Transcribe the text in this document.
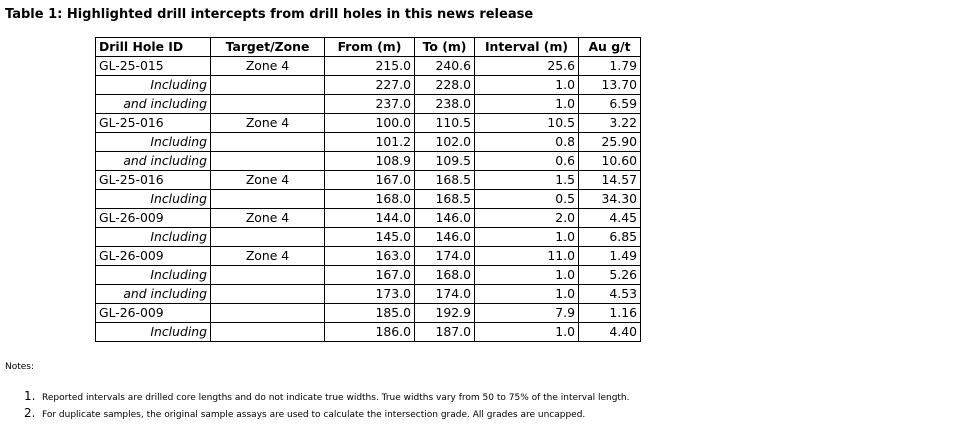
Table 1: Highlighted drill intercepts from drill holes in this news release
Drill Hole ID	Target/Zone	From (m)	To (m)	Interval (m)	Au g/t
GL-25-015	Zone 4	215.0	240.6	25.6	1.79
Including		227.0	228.0	1.0	13.70
and including		237.0	238.0	1.0	6.59
GL-25-016	Zone 4	100.0	110.5	10.5	3.22
Including		101.2	102.0	0.8	25.90
and including		108.9	109.5	0.6	10.60
GL-25-016	Zone 4	167.0	168.5	1.5	14.57
Including		168.0	168.5	0.5	34.30
GL-26-009	Zone 4	144.0	146.0	2.0	4.45
Including		145.0	146.0	1.0	6.85
GL-26-009	Zone 4	163.0	174.0	11.0	1.49
Including		167.0	168.0	1.0	5.26
and including		173.0	174.0	1.0	4.53
GL-26-009		185.0	192.9	7.9	1.16
Including		186.0	187.0	1.0	4.40
Notes:
1. Reported intervals are drilled core lengths and do not indicate true widths. True widths vary from 50 to 75% of the interval length.
2. For duplicate samples, the original sample assays are used to calculate the intersection grade. All grades are uncapped.
